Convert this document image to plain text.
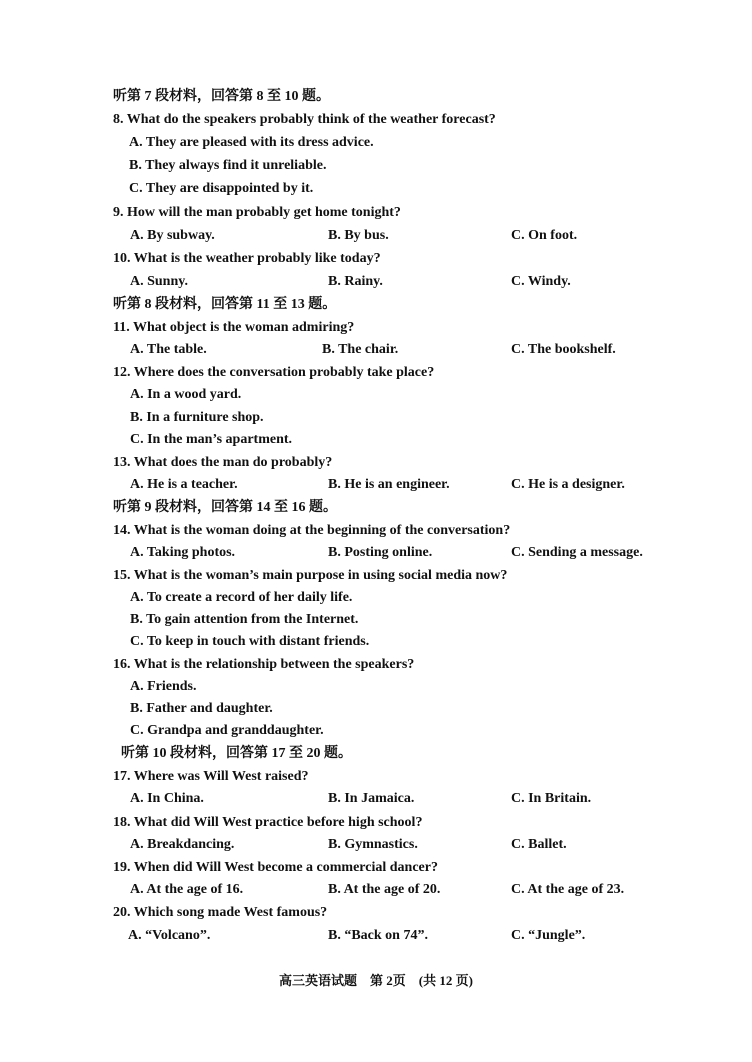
听第 7 段材料，回答第 8 至 10 题。
8. What do the speakers probably think of the weather forecast?
A. They are pleased with its dress advice.
B. They always find it unreliable.
C. They are disappointed by it.
9. How will the man probably get home tonight?
A. By subway.	B. By bus.	C. On foot.
10. What is the weather probably like today?
A. Sunny.	B. Rainy.	C. Windy.
听第 8 段材料，回答第 11 至 13 题。
11. What object is the woman admiring?
A. The table.	B. The chair.	C. The bookshelf.
12. Where does the conversation probably take place?
A. In a wood yard.
B. In a furniture shop.
C. In the man’s apartment.
13. What does the man do probably?
A. He is a teacher.	B. He is an engineer.	C. He is a designer.
听第 9 段材料，回答第 14 至 16 题。
14. What is the woman doing at the beginning of the conversation?
A. Taking photos.	B. Posting online.	C. Sending a message.
15. What is the woman’s main purpose in using social media now?
A. To create a record of her daily life.
B. To gain attention from the Internet.
C. To keep in touch with distant friends.
16. What is the relationship between the speakers?
A. Friends.
B. Father and daughter.
C. Grandpa and granddaughter.
听第 10 段材料，回答第 17 至 20 题。
17. Where was Will West raised?
A. In China.	B. In Jamaica.	C. In Britain.
18. What did Will West practice before high school?
A. Breakdancing.	B. Gymnastics.	C. Ballet.
19. When did Will West become a commercial dancer?
A. At the age of 16.	B. At the age of 20.	C. At the age of 23.
20. Which song made West famous?
A. “Volcano”.	B. “Back on 74”.	C. “Jungle”.
高三英语试题　第 2页　(共 12 页)
